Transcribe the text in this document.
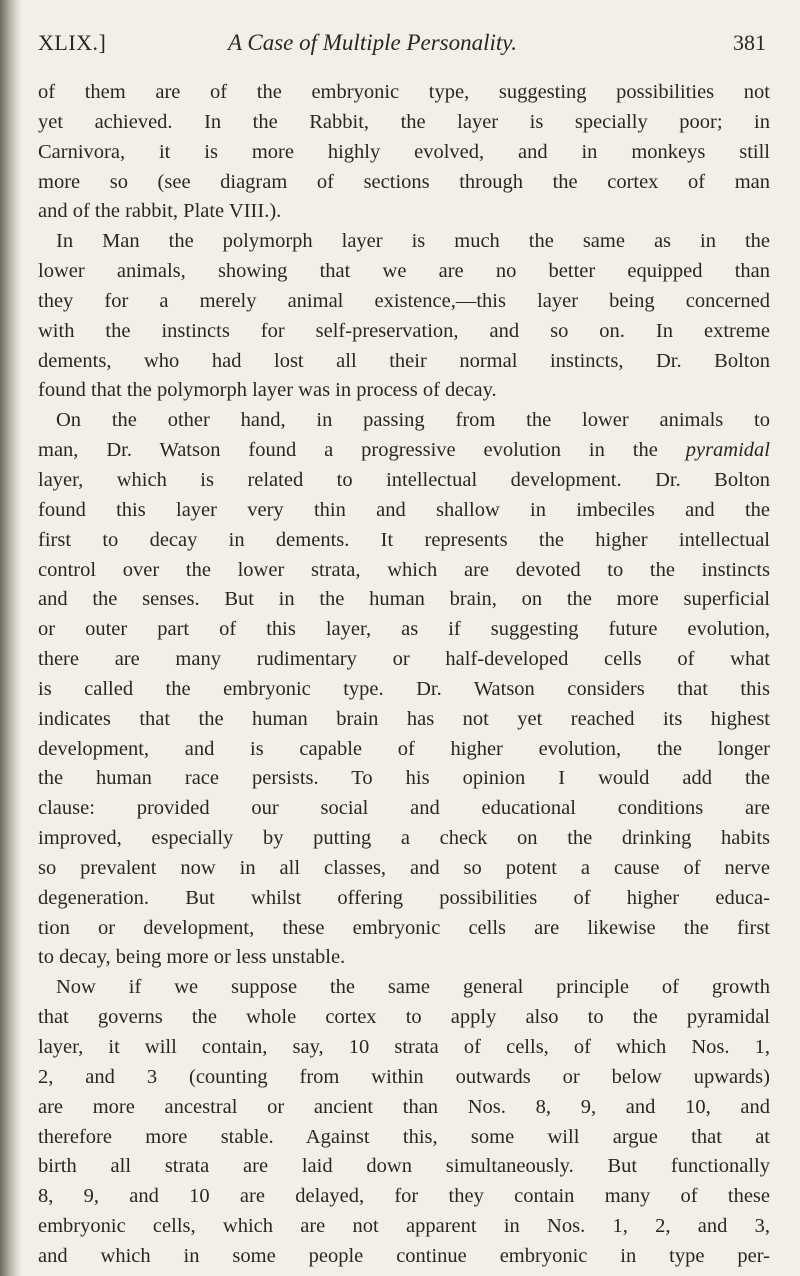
XLIX.]	A Case of Multiple Personality.	381
of them are of the embryonic type, suggesting possibilities not
yet achieved. In the Rabbit, the layer is specially poor; in
Carnivora, it is more highly evolved, and in monkeys still
more so (see diagram of sections through the cortex of man
and of the rabbit, Plate VIII.).
In Man the polymorph layer is much the same as in the
lower animals, showing that we are no better equipped than
they for a merely animal existence,—this layer being concerned
with the instincts for self-preservation, and so on. In extreme
dements, who had lost all their normal instincts, Dr. Bolton
found that the polymorph layer was in process of decay.
On the other hand, in passing from the lower animals to
man, Dr. Watson found a progressive evolution in the pyramidal
layer, which is related to intellectual development. Dr. Bolton
found this layer very thin and shallow in imbeciles and the
first to decay in dements. It represents the higher intellectual
control over the lower strata, which are devoted to the instincts
and the senses. But in the human brain, on the more superficial
or outer part of this layer, as if suggesting future evolution,
there are many rudimentary or half-developed cells of what
is called the embryonic type. Dr. Watson considers that this
indicates that the human brain has not yet reached its highest
development, and is capable of higher evolution, the longer
the human race persists. To his opinion I would add the
clause: provided our social and educational conditions are
improved, especially by putting a check on the drinking habits
so prevalent now in all classes, and so potent a cause of nerve
degeneration. But whilst offering possibilities of higher educa-
tion or development, these embryonic cells are likewise the first
to decay, being more or less unstable.
Now if we suppose the same general principle of growth
that governs the whole cortex to apply also to the pyramidal
layer, it will contain, say, 10 strata of cells, of which Nos. 1,
2, and 3 (counting from within outwards or below upwards)
are more ancestral or ancient than Nos. 8, 9, and 10, and
therefore more stable. Against this, some will argue that at
birth all strata are laid down simultaneously. But functionally
8, 9, and 10 are delayed, for they contain many of these
embryonic cells, which are not apparent in Nos. 1, 2, and 3,
and which in some people continue embryonic in type per-
